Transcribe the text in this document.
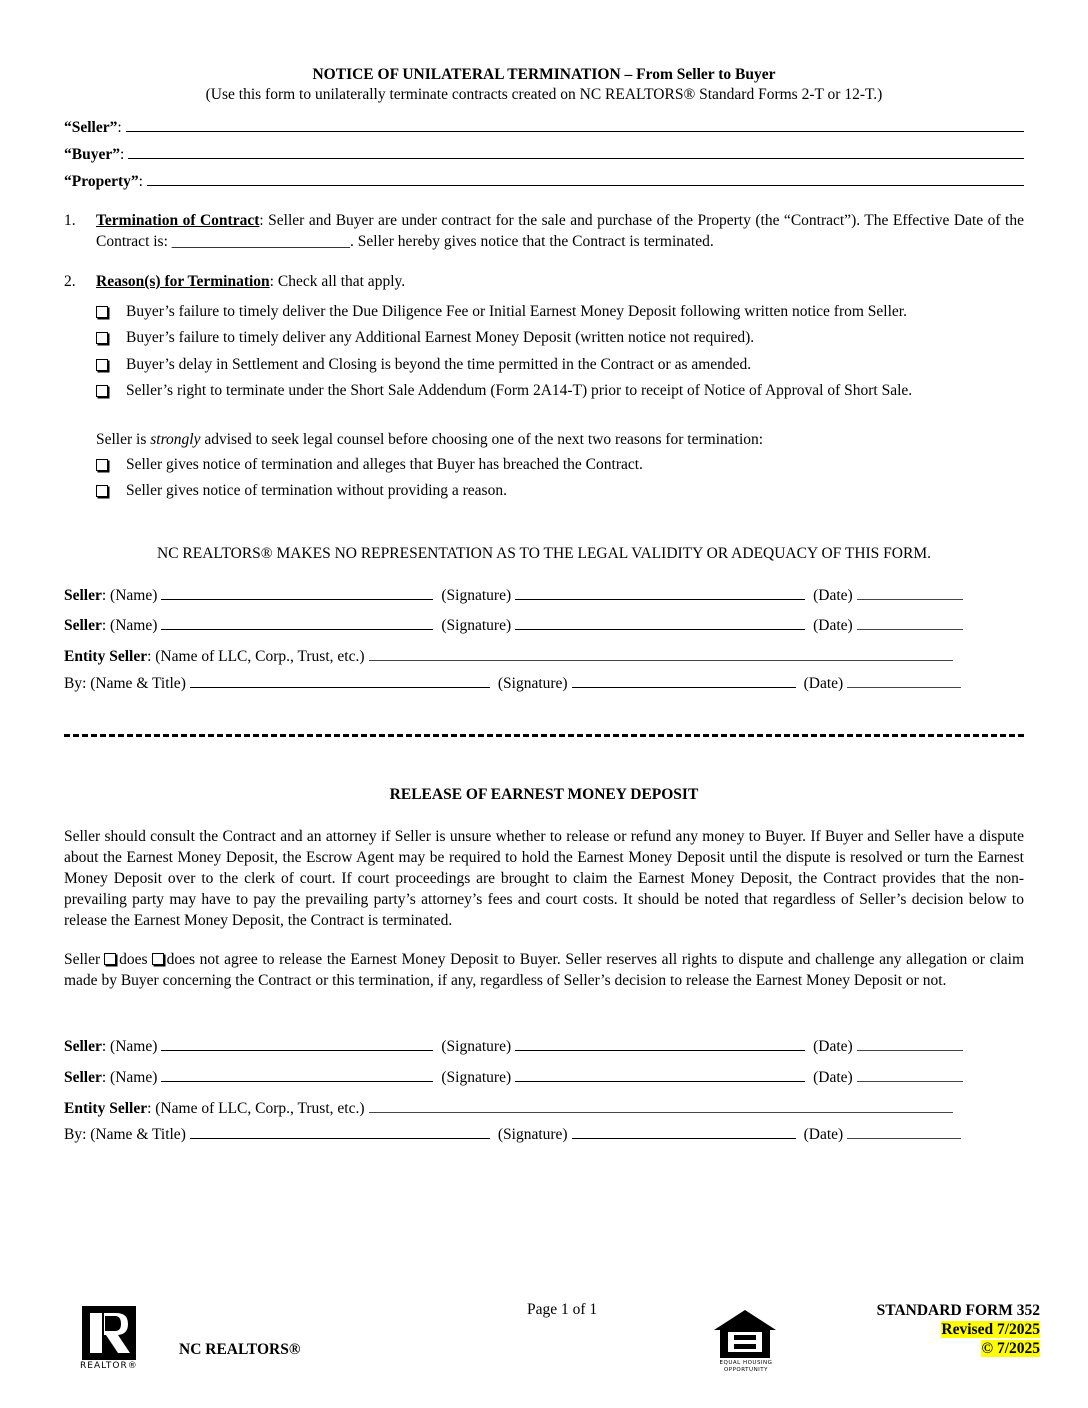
NOTICE OF UNILATERAL TERMINATION – From Seller to Buyer
(Use this form to unilaterally terminate contracts created on NC REALTORS® Standard Forms 2-T or 12-T.)
“Seller”:
“Buyer”:
“Property”:
1.	Termination of Contract: Seller and Buyer are under contract for the sale and purchase of the Property (the “Contract”). The Effective Date of the Contract is: _______________________. Seller hereby gives notice that the Contract is terminated.
2.	Reason(s) for Termination: Check all that apply.
Buyer’s failure to timely deliver the Due Diligence Fee or Initial Earnest Money Deposit following written notice from Seller.
Buyer’s failure to timely deliver any Additional Earnest Money Deposit (written notice not required).
Buyer’s delay in Settlement and Closing is beyond the time permitted in the Contract or as amended.
Seller’s right to terminate under the Short Sale Addendum (Form 2A14-T) prior to receipt of Notice of Approval of Short Sale.
Seller is strongly advised to seek legal counsel before choosing one of the next two reasons for termination:
Seller gives notice of termination and alleges that Buyer has breached the Contract.
Seller gives notice of termination without providing a reason.
NC REALTORS® MAKES NO REPRESENTATION AS TO THE LEGAL VALIDITY OR ADEQUACY OF THIS FORM.
Seller : (Name)	(Signature)	(Date)
Seller : (Name)	(Signature)	(Date)
Entity Seller : (Name of LLC, Corp., Trust, etc.)
By: (Name & Title)	(Signature)	(Date)
RELEASE OF EARNEST MONEY DEPOSIT
Seller should consult the Contract and an attorney if Seller is unsure whether to release or refund any money to Buyer. If Buyer and Seller have a dispute about the Earnest Money Deposit, the Escrow Agent may be required to hold the Earnest Money Deposit until the dispute is resolved or turn the Earnest Money Deposit over to the clerk of court. If court proceedings are brought to claim the Earnest Money Deposit, the Contract provides that the non-prevailing party may have to pay the prevailing party’s attorney’s fees and court costs. It should be noted that regardless of Seller’s decision below to release the Earnest Money Deposit, the Contract is terminated.
Seller does does not agree to release the Earnest Money Deposit to Buyer. Seller reserves all rights to dispute and challenge any allegation or claim made by Buyer concerning the Contract or this termination, if any, regardless of Seller’s decision to release the Earnest Money Deposit or not.
Seller : (Name)	(Signature)	(Date)
Seller : (Name)	(Signature)	(Date)
Entity Seller : (Name of LLC, Corp., Trust, etc.)
By: (Name & Title)	(Signature)	(Date)
REALTOR®
NC REALTORS®
Page 1 of 1
EQUAL HOUSING
OPPORTUNITY
STANDARD FORM 352
Revised 7/2025
© 7/2025
